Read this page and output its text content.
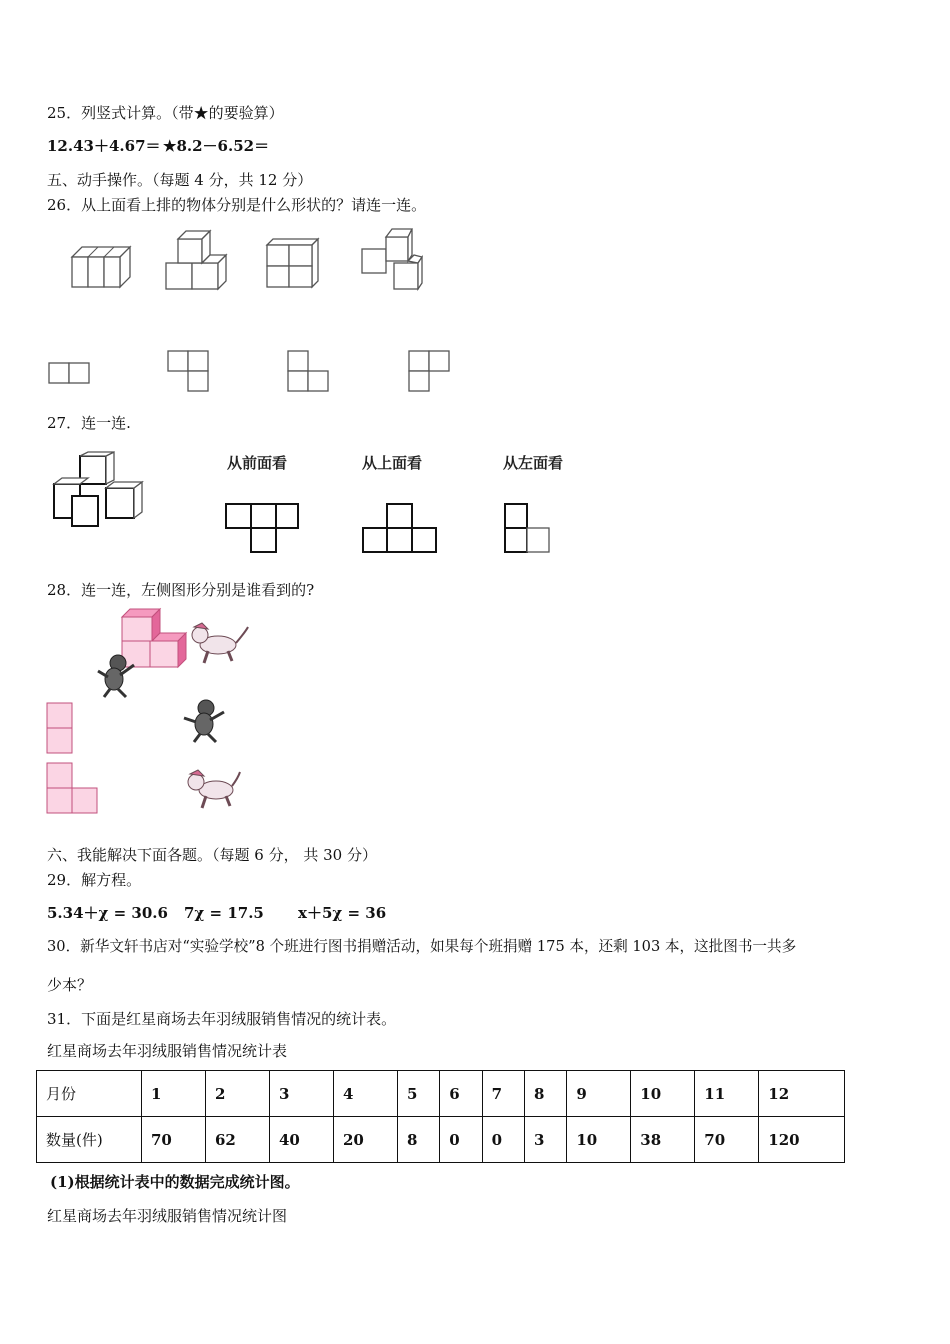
25．列竖式计算。（带★的要验算）
12.43＋4.67＝ ★8.2－6.52＝
五、动手操作。（每题 4 分，共 12 分）
26．从上面看上排的物体分别是什么形状的？请连一连。
27．连一连.
从前面看	从上面看	从左面看
28．连一连，左侧图形分别是谁看到的?
六、我能解决下面各题。（每题 6 分， 共 30 分）
29．解方程。
5.34＋χ = 30.6 7χ = 17.5 x＋5χ = 36
30．新华文轩书店对“实验学校”8 个班进行图书捐赠活动，如果每个班捐赠 175 本，还剩 103 本，这批图书一共多
少本？
31．下面是红星商场去年羽绒服销售情况的统计表。
红星商场去年羽绒服销售情况统计表
月份	1	2	3	4	5	6	7	8	9	10	11	12
数量(件)	70	62	40	20	8	0	0	3	10	38	70	120
(1)根据统计表中的数据完成统计图。
红星商场去年羽绒服销售情况统计图
